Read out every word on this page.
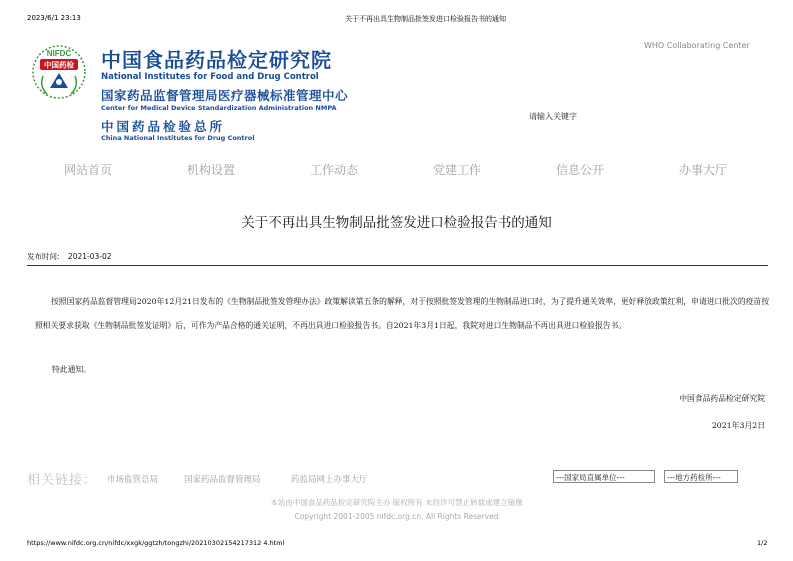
2023/6/1 23:13	关于不再出具生物制品批签发进口检验报告书的通知
NIFDC
中国药检 中国食品药品检定研究院
National Institutes for Food and Drug Control
国家药品监督管理局医疗器械标准管理中心
Center for Medical Device Standardization Administration NMPA
中国药品检验总所
China National Institutes for Drug Control
WHO Collaborating Center
请输入关键字
网站首页	机构设置	工作动态	党建工作	信息公开	办事大厅
关于不再出具生物制品批签发进口检验报告书的通知
发布时间: 2021-03-02
按照国家药品监督管理局2020年12月21日发布的《生物制品批签发管理办法》政策解读第五条的解释，对于按照批签发管理的生物制品进口时，为了提升通关效率，更好释放政策红利，申请进口批次的疫苗按照相关要求获取《生物制品批签发证明》后，可作为产品合格的通关证明，不再出具进口检验报告书。自2021年3月1日起，我院对进口生物制品不再出具进口检验报告书。
特此通知。
中国食品药品检定研究院
2021年3月2日
相关链接： 市场监管总局	国家药品监督管理局	药监局网上办事大厅	---国家局直属单位---	---地方药检所---
本站由中国食品药品检定研究院主办 版权所有 未经许可禁止转载或建立镜像
Copyright 2001-2005 nifdc.org.cn. All Rights Reserved
https://www.nifdc.org.cn/nifdc/xxgk/ggtzh/tongzhi/20210302154217312 4.html	1/2
